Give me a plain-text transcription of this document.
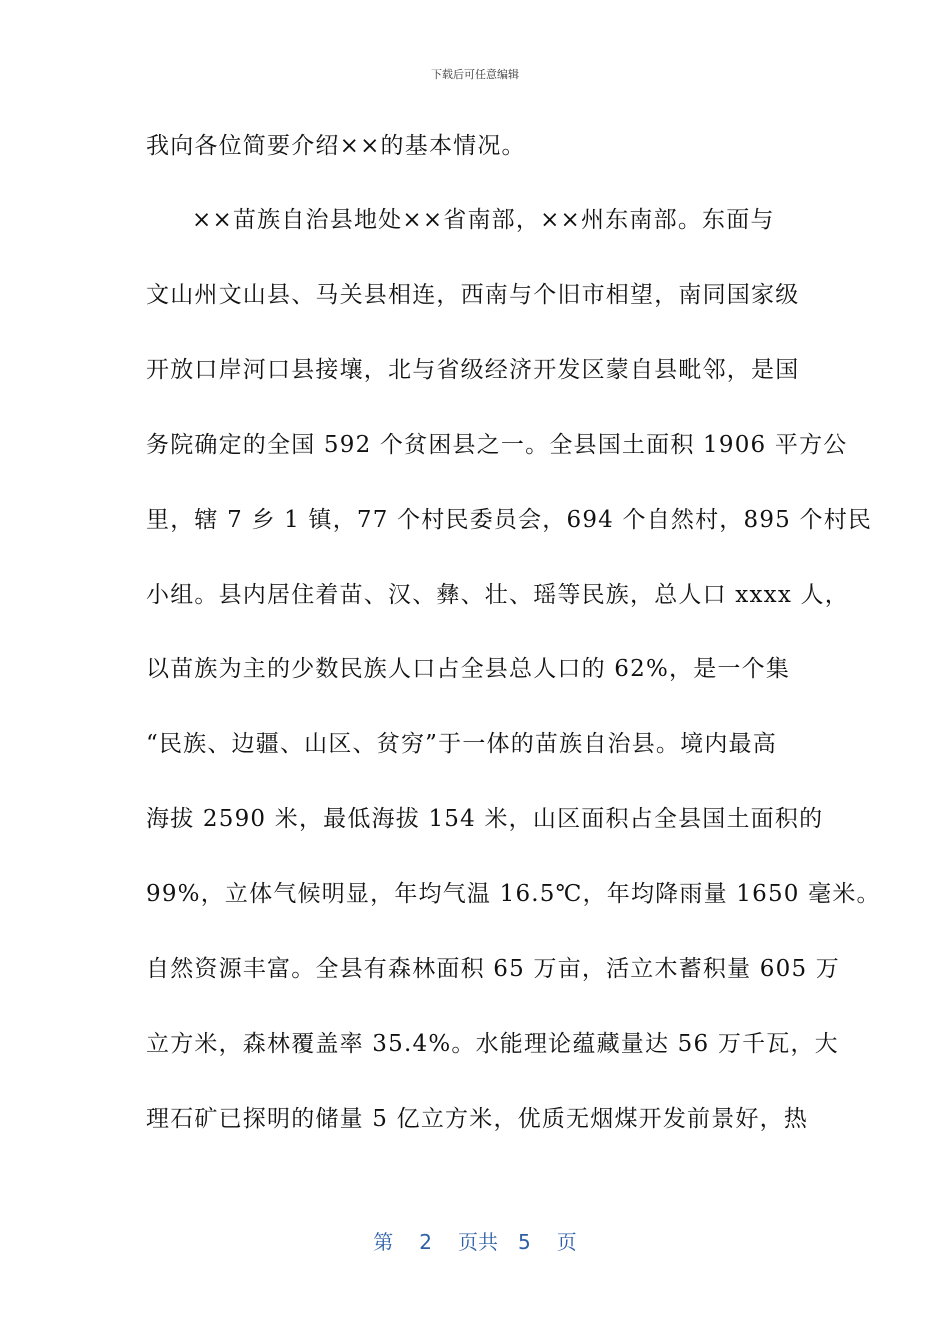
下载后可任意编辑
我向各位简要介绍××的基本情况。
××苗族自治县地处××省南部，××州东南部。东面与
文山州文山县、马关县相连，西南与个旧市相望，南同国家级
开放口岸河口县接壤，北与省级经济开发区蒙自县毗邻，是国
务院确定的全国 592 个贫困县之一。全县国土面积 1906 平方公
里，辖 7 乡 1 镇，77 个村民委员会，694 个自然村，895 个村民
小组。县内居住着苗、汉、彝、壮、瑶等民族，总人口 xxxx 人，
以苗族为主的少数民族人口占全县总人口的 62%，是一个集
“民族、边疆、山区、贫穷”于一体的苗族自治县。境内最高
海拔 2590 米，最低海拔 154 米，山区面积占全县国土面积的
99%，立体气候明显，年均气温 16.5℃，年均降雨量 1650 毫米。
自然资源丰富。全县有森林面积 65 万亩，活立木蓄积量 605 万
立方米，森林覆盖率 35.4%。水能理论蕴藏量达 56 万千瓦，大
理石矿已探明的储量 5 亿立方米，优质无烟煤开发前景好，热
第 2 页共 5 页
